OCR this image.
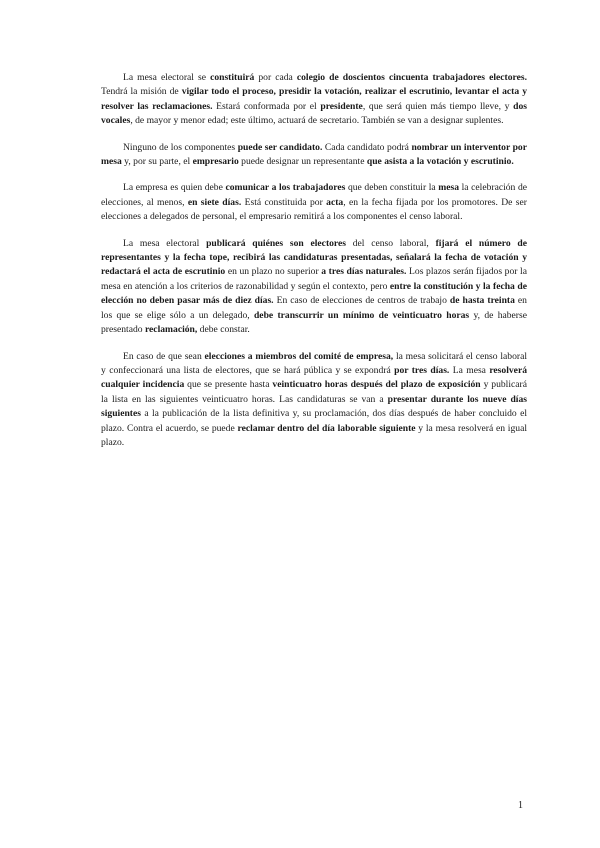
La mesa electoral se constituirá por cada colegio de doscientos cincuenta trabajadores electores. Tendrá la misión de vigilar todo el proceso, presidir la votación, realizar el escrutinio, levantar el acta y resolver las reclamaciones. Estará conformada por el presidente, que será quien más tiempo lleve, y dos vocales, de mayor y menor edad; este último, actuará de secretario. También se van a designar suplentes.

Ninguno de los componentes puede ser candidato. Cada candidato podrá nombrar un interventor por mesa y, por su parte, el empresario puede designar un representante que asista a la votación y escrutinio.

La empresa es quien debe comunicar a los trabajadores que deben constituir la mesa la celebración de elecciones, al menos, en siete días. Está constituida por acta, en la fecha fijada por los promotores. De ser elecciones a delegados de personal, el empresario remitirá a los componentes el censo laboral.

La mesa electoral publicará quiénes son electores del censo laboral, fijará el número de representantes y la fecha tope, recibirá las candidaturas presentadas, señalará la fecha de votación y redactará el acta de escrutinio en un plazo no superior a tres días naturales. Los plazos serán fijados por la mesa en atención a los criterios de razonabilidad y según el contexto, pero entre la constitución y la fecha de elección no deben pasar más de diez días. En caso de elecciones de centros de trabajo de hasta treinta en los que se elige sólo a un delegado, debe transcurrir un mínimo de veinticuatro horas y, de haberse presentado reclamación, debe constar.

En caso de que sean elecciones a miembros del comité de empresa, la mesa solicitará el censo laboral y confeccionará una lista de electores, que se hará pública y se expondrá por tres días. La mesa resolverá cualquier incidencia que se presente hasta veinticuatro horas después del plazo de exposición y publicará la lista en las siguientes veinticuatro horas. Las candidaturas se van a presentar durante los nueve días siguientes a la publicación de la lista definitiva y, su proclamación, dos días después de haber concluido el plazo. Contra el acuerdo, se puede reclamar dentro del día laborable siguiente y la mesa resolverá en igual plazo.

1
